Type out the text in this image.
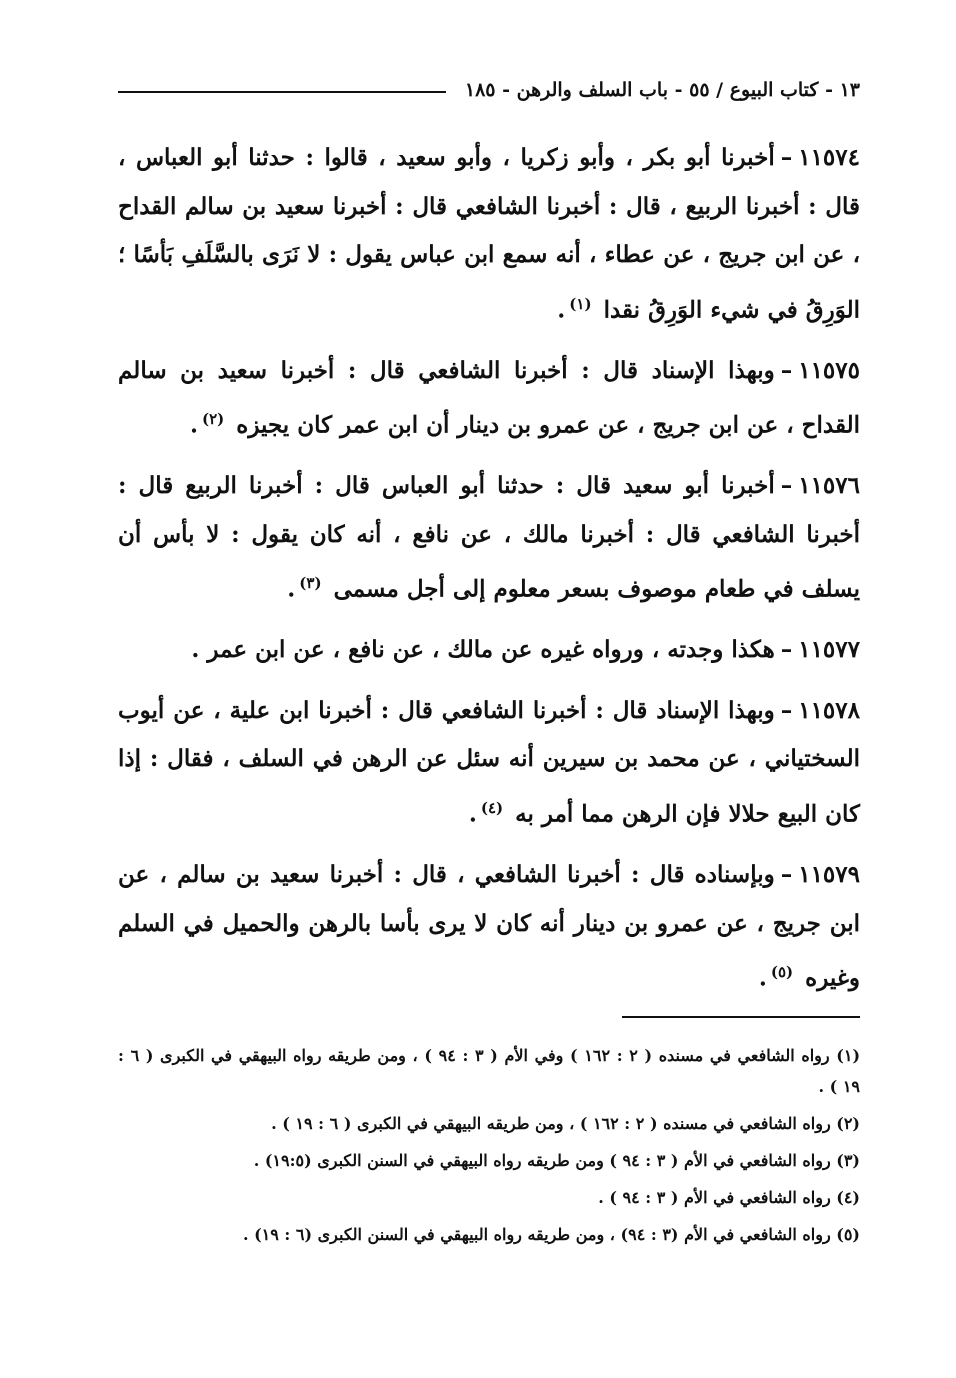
١٣ - كتاب البيوع / ٥٥ - باب السلف والرهن - ١٨٥

١١٥٧٤–أخبرنا أبو بكر ، وأبو زكريا ، وأبو سعيد ، قالوا : حدثنا أبو العباس ، قال : أخبرنا الربيع ، قال : أخبرنا الشافعي قال : أخبرنا سعيد بن سالم القداح ، عن ابن جريج ، عن عطاء ، أنه سمع ابن عباس يقول : لا نَرَى بالسَّلَفِ بَأسًا ؛ الوَرِقُ في شيء الوَرِقُ نقدا $^{(١)}$.

١١٥٧٥–وبهذا الإسناد قال : أخبرنا الشافعي قال : أخبرنا سعيد بن سالم القداح ، عن ابن جريج ، عن عمرو بن دينار أن ابن عمر كان يجيزه $^{(٢)}$.

١١٥٧٦–أخبرنا أبو سعيد قال : حدثنا أبو العباس قال : أخبرنا الربيع قال : أخبرنا الشافعي قال : أخبرنا مالك ، عن نافع ، أنه كان يقول : لا بأس أن يسلف في طعام موصوف بسعر معلوم إلى أجل مسمى $^{(٣)}$.

١١٥٧٧–هكذا وجدته ، ورواه غيره عن مالك ، عن نافع ، عن ابن عمر .

١١٥٧٨–وبهذا الإسناد قال : أخبرنا الشافعي قال : أخبرنا ابن علية ، عن أيوب السختياني ، عن محمد بن سيرين أنه سئل عن الرهن في السلف ، فقال : إذا كان البيع حلالا فإن الرهن مما أمر به $^{(٤)}$.

١١٥٧٩–وبإسناده قال : أخبرنا الشافعي ، قال : أخبرنا سعيد بن سالم ، عن ابن جريج ، عن عمرو بن دينار أنه كان لا يرى بأسا بالرهن والحميل في السلم وغيره $^{(٥)}$.

(١) رواه الشافعي في مسنده ( ٢ : ١٦٢ ) وفي الأم ( ٣ : ٩٤ ) ، ومن طريقه رواه البيهقي في الكبرى ( ٦ : ١٩ ) .

(٢) رواه الشافعي في مسنده ( ٢ : ١٦٢ ) ، ومن طريقه البيهقي في الكبرى ( ٦ : ١٩ ) .

(٣) رواه الشافعي في الأم ( ٣ : ٩٤ ) ومن طريقه رواه البيهقي في السنن الكبرى (١٩:٥) .

(٤) رواه الشافعي في الأم ( ٣ : ٩٤ ) .

(٥) رواه الشافعي في الأم (٣ : ٩٤) ، ومن طريقه رواه البيهقي في السنن الكبرى (٦ : ١٩) .
